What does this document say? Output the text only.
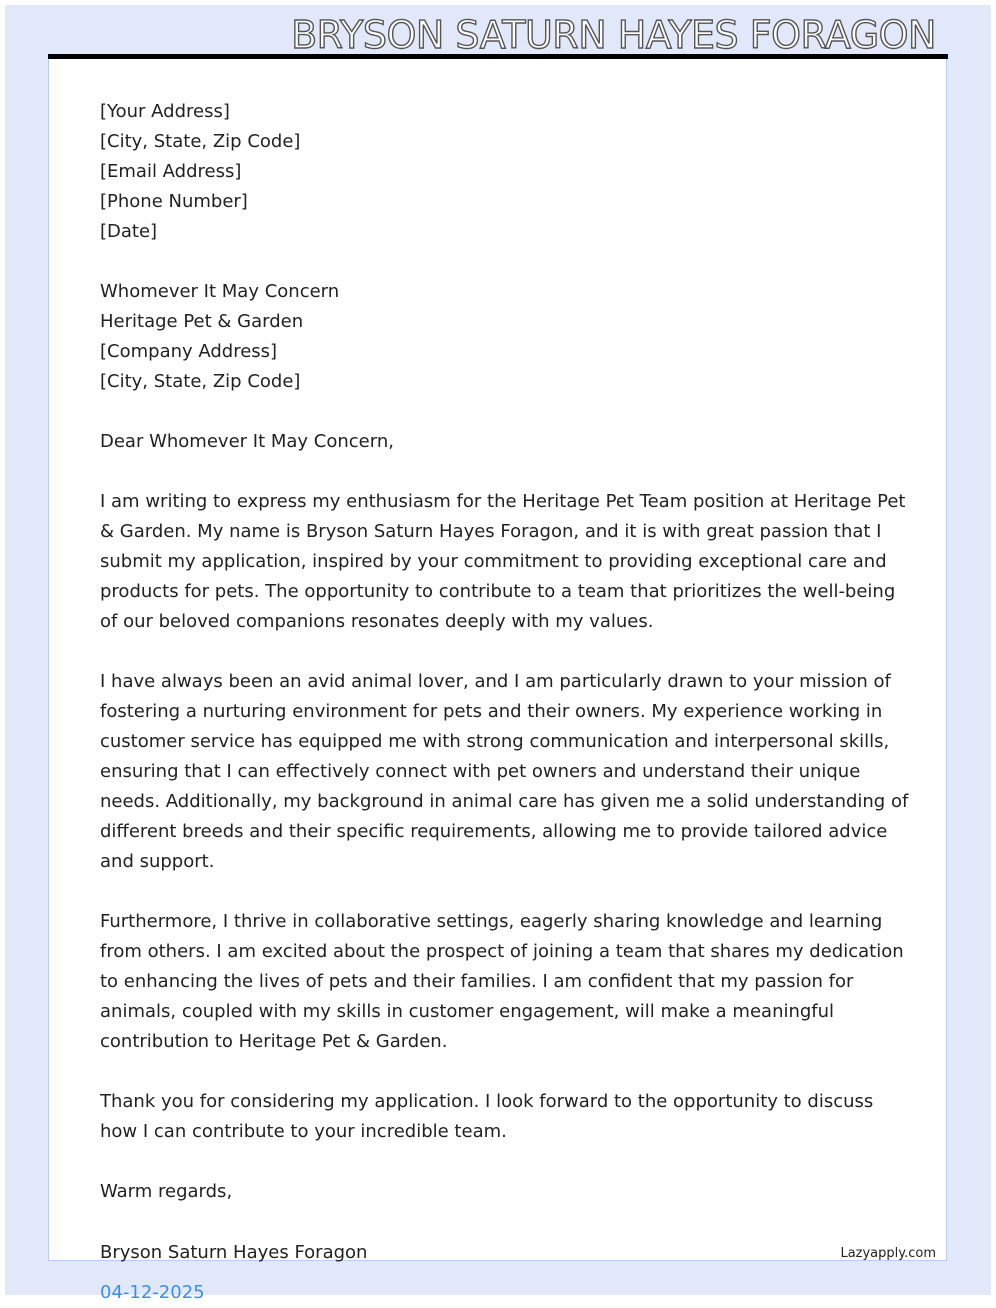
BRYSON SATURN HAYES FORAGON
[Your Address]
[City, State, Zip Code]
[Email Address]
[Phone Number]
[Date]
Whomever It May Concern
Heritage Pet & Garden
[Company Address]
[City, State, Zip Code]
Dear Whomever It May Concern,
I am writing to express my enthusiasm for the Heritage Pet Team position at Heritage Pet
& Garden. My name is Bryson Saturn Hayes Foragon, and it is with great passion that I
submit my application, inspired by your commitment to providing exceptional care and
products for pets. The opportunity to contribute to a team that prioritizes the well-being
of our beloved companions resonates deeply with my values.
I have always been an avid animal lover, and I am particularly drawn to your mission of
fostering a nurturing environment for pets and their owners. My experience working in
customer service has equipped me with strong communication and interpersonal skills,
ensuring that I can effectively connect with pet owners and understand their unique
needs. Additionally, my background in animal care has given me a solid understanding of
different breeds and their specific requirements, allowing me to provide tailored advice
and support.
Furthermore, I thrive in collaborative settings, eagerly sharing knowledge and learning
from others. I am excited about the prospect of joining a team that shares my dedication
to enhancing the lives of pets and their families. I am confident that my passion for
animals, coupled with my skills in customer engagement, will make a meaningful
contribution to Heritage Pet & Garden.
Thank you for considering my application. I look forward to the opportunity to discuss
how I can contribute to your incredible team.
Warm regards,
Bryson Saturn Hayes Foragon	Lazyapply.com
04-12-2025
